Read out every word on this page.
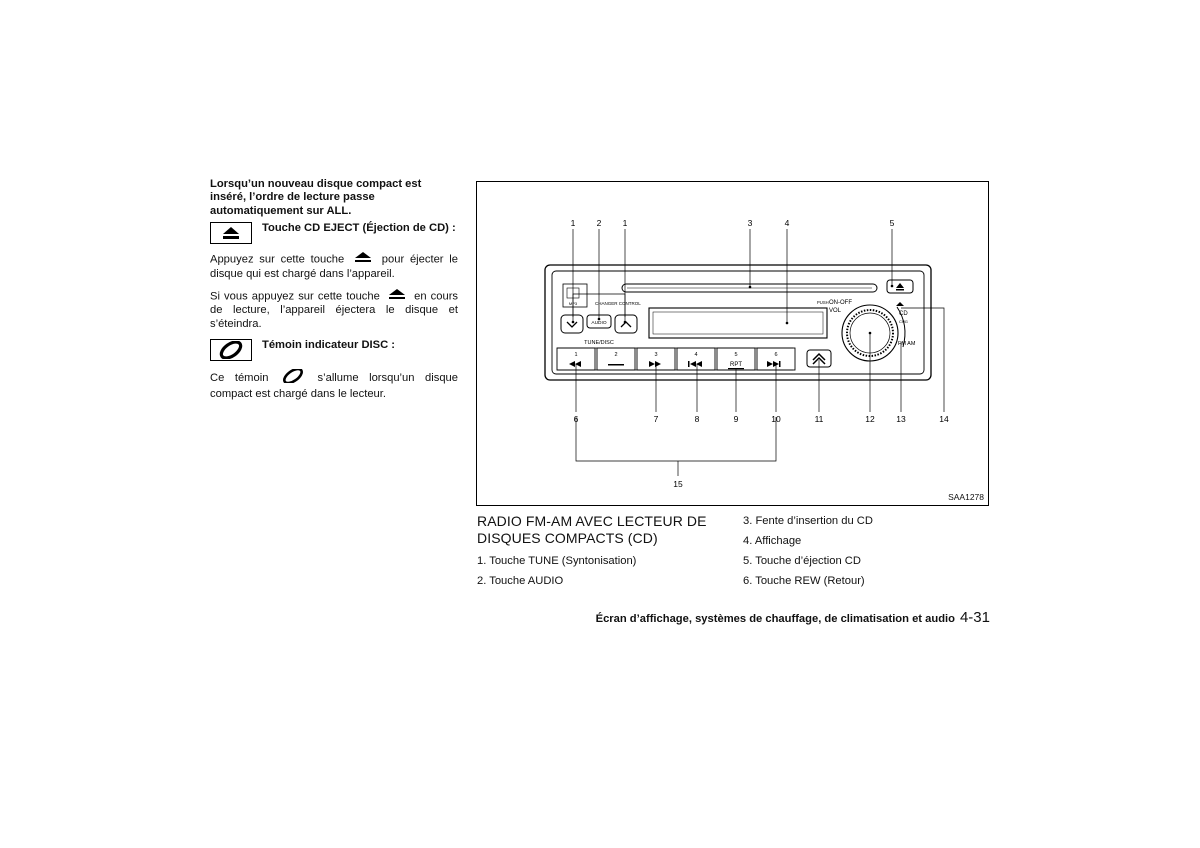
Lorsqu’un nouveau disque compact est inséré, l’ordre de lecture passe automatiquement sur ALL.

Touche CD EJECT (Éjection de CD) :

Appuyez sur cette touche	pour éjecter le disque qui est chargé dans l’appareil.

Si vous appuyez sur cette touche	en cours de lecture, l’appareil éjectera le disque et s’éteindra.

Témoin indicateur DISC :

Ce témoin	s’allume lorsqu’un disque compact est chargé dans le lecteur.

MP3	CHANGER CONTROL
AUDIO
TUNE/DISC
PUSH ON-OFF
VOL	CD
CHG
FM AM
1	2	3	4	5	6
RPT
1	2	1	3	4	5
6	7	8	9	10	11	12	13	14
15
SAA1278
RADIO FM-AM AVEC LECTEUR DE DISQUES COMPACTS (CD)
1. Touche TUNE (Syntonisation)
2. Touche AUDIO
3. Fente d’insertion du CD
4. Affichage
5. Touche d’éjection CD
6. Touche REW (Retour)
Écran d’affichage, systèmes de chauffage, de climatisation et audio 4-31
